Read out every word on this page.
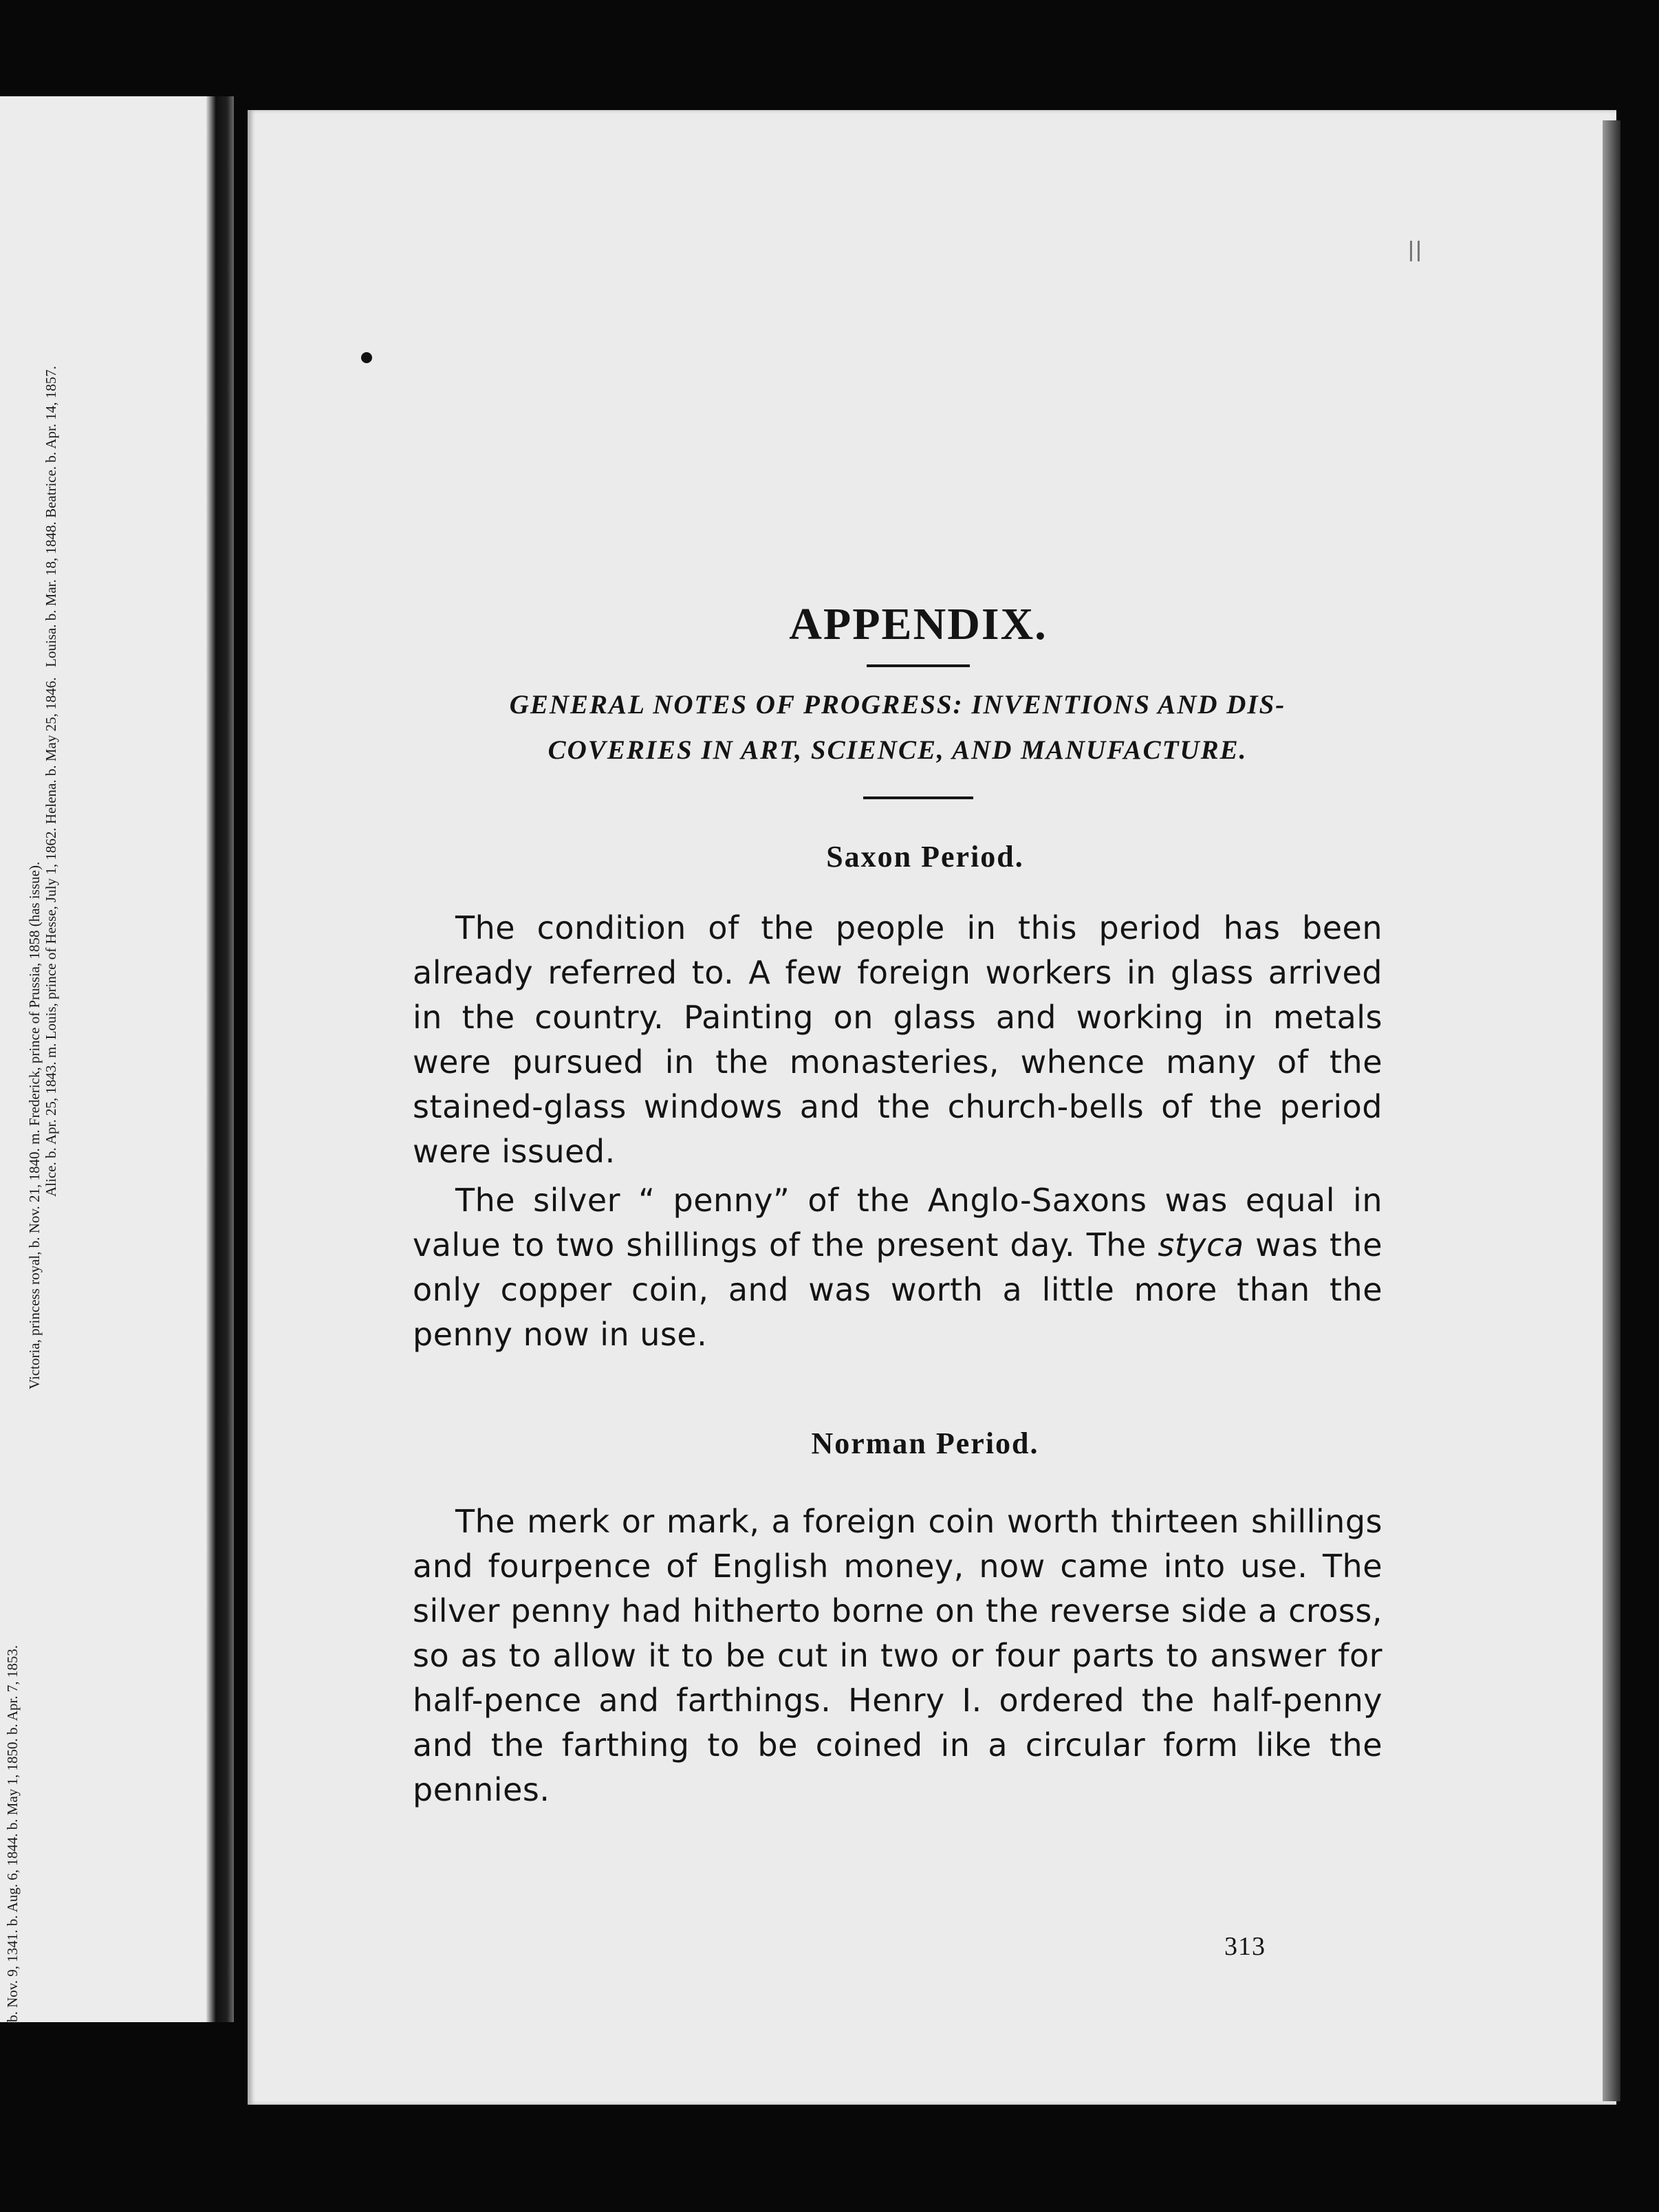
b. Nov. 9, 1341. b. Aug. 6, 1844. b. May 1, 1850. b. Apr. 7, 1853.
Victoria, princess royal, b. Nov. 21, 1840. m. Frederick, prince of Prussia, 1858 (has issue). Alice. b. Apr. 25, 1843. m. Louis, prince of Hesse, July 1, 1862. Helena. b. May 25, 1846.
Louisa. b. Mar. 18, 1848. Beatrice. b. Apr. 14, 1857.	APPENDIX.
GENERAL NOTES OF PROGRESS: INVENTIONS AND DIS-
COVERIES IN ART, SCIENCE, AND MANUFACTURE.
Saxon Period.

The condition of the people in this period has been already referred to. A few foreign workers in glass arrived in the country. Painting on glass and working in metals were pursued in the monasteries, whence many of the stained-glass windows and the church-bells of the period were issued.

The silver “ penny” of the Anglo-Saxons was equal in value to two shillings of the present day. The styca was the only copper coin, and was worth a little more than the penny now in use.

Norman Period.

The merk or mark, a foreign coin worth thirteen shillings and fourpence of English money, now came into use. The silver penny had hitherto borne on the reverse side a cross, so as to allow it to be cut in two or four parts to answer for half-pence and farthings. Henry I. ordered the half-penny and the farthing to be coined in a circular form like the pennies.

313
